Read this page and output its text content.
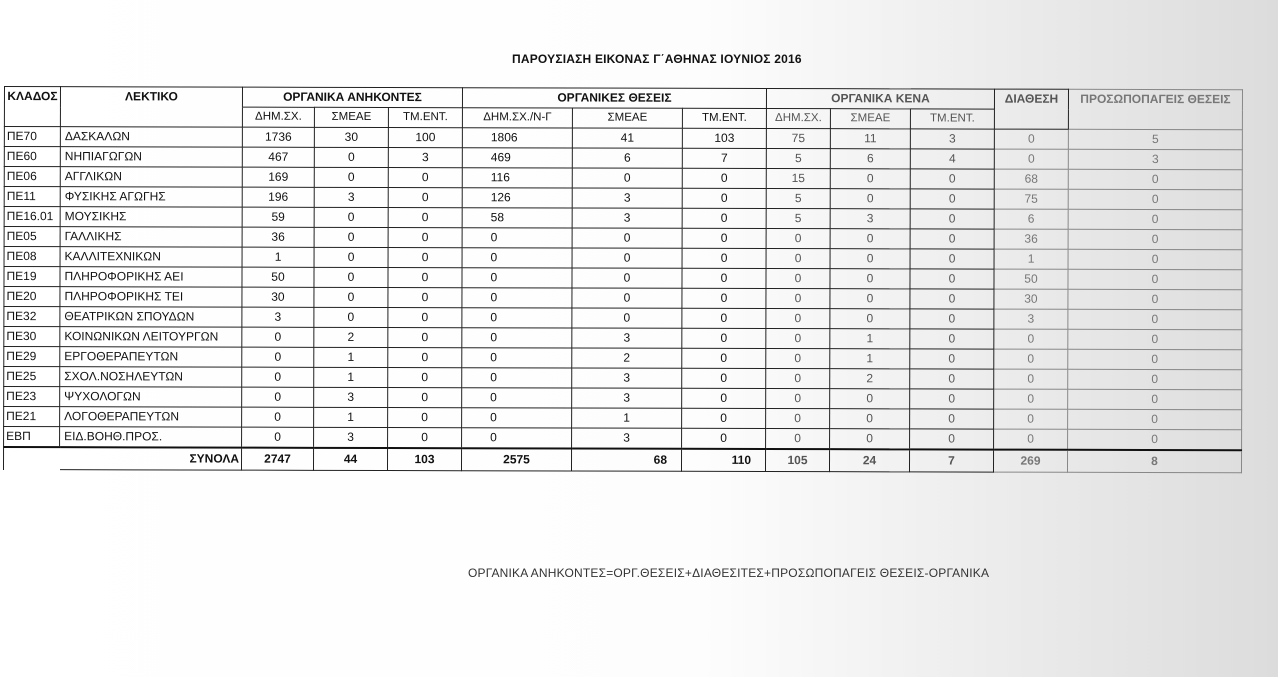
ΠΑΡΟΥΣΙΑΣΗ ΕΙΚΟΝΑΣ Γ΄ΑΘΗΝΑΣ ΙΟΥΝΙΟΣ 2016
ΚΛΑΔΟΣ	ΛΕΚΤΙΚΟ	ΟΡΓΑΝΙΚΑ ΑΝΗΚΟΝΤΕΣ			ΟΡΓΑΝΙΚΕΣ ΘΕΣΕΙΣ			ΟΡΓΑΝΙΚΑ ΚΕΝΑ			ΔΙΑΘΕΣΗ	ΠΡΟΣΩΠΟΠΑΓΕΙΣ ΘΕΣΕΙΣ
		ΔΗΜ.ΣΧ.	ΣΜΕΑΕ	ΤΜ.ΕΝΤ.	ΔΗΜ.ΣΧ./Ν-Γ	ΣΜΕΑΕ	ΤΜ.ΕΝΤ.	ΔΗΜ.ΣΧ.	ΣΜΕΑΕ	ΤΜ.ΕΝΤ.		
ΠΕ70	ΔΑΣΚΑΛΩΝ	1736	30	100	1806	41	103	75	11	3	0	5
ΠΕ60	ΝΗΠΙΑΓΩΓΩΝ	467	0	3	469	6	7	5	6	4	0	3
ΠΕ06	ΑΓΓΛΙΚΩΝ	169	0	0	116	0	0	15	0	0	68	0
ΠΕ11	ΦΥΣΙΚΗΣ ΑΓΩΓΗΣ	196	3	0	126	3	0	5	0	0	75	0
ΠΕ16.01	ΜΟΥΣΙΚΗΣ	59	0	0	58	3	0	5	3	0	6	0
ΠΕ05	ΓΑΛΛΙΚΗΣ	36	0	0	0	0	0	0	0	0	36	0
ΠΕ08	ΚΑΛΛΙΤΕΧΝΙΚΩΝ	1	0	0	0	0	0	0	0	0	1	0
ΠΕ19	ΠΛΗΡΟΦΟΡΙΚΗΣ ΑΕΙ	50	0	0	0	0	0	0	0	0	50	0
ΠΕ20	ΠΛΗΡΟΦΟΡΙΚΗΣ ΤΕΙ	30	0	0	0	0	0	0	0	0	30	0
ΠΕ32	ΘΕΑΤΡΙΚΩΝ ΣΠΟΥΔΩΝ	3	0	0	0	0	0	0	0	0	3	0
ΠΕ30	ΚΟΙΝΩΝΙΚΩΝ ΛΕΙΤΟΥΡΓΩΝ	0	2	0	0	3	0	0	1	0	0	0
ΠΕ29	ΕΡΓΟΘΕΡΑΠΕΥΤΩΝ	0	1	0	0	2	0	0	1	0	0	0
ΠΕ25	ΣΧΟΛ.ΝΟΣΗΛΕΥΤΩΝ	0	1	0	0	3	0	0	2	0	0	0
ΠΕ23	ΨΥΧΟΛΟΓΩΝ	0	3	0	0	3	0	0	0	0	0	0
ΠΕ21	ΛΟΓΟΘΕΡΑΠΕΥΤΩΝ	0	1	0	0	1	0	0	0	0	0	0
ΕΒΠ	ΕΙΔ.ΒΟΗΘ.ΠΡΟΣ.	0	3	0	0	3	0	0	0	0	0	0
	ΣΥΝΟΛΑ	2747	44	103	2575	68	110	105	24	7	269	8
ΟΡΓΑΝΙΚΑ ΑΝΗΚΟΝΤΕΣ=ΟΡΓ.ΘΕΣΕΙΣ+ΔΙΑΘΕΣΙΤΕΣ+ΠΡΟΣΩΠΟΠΑΓΕΙΣ ΘΕΣΕΙΣ-ΟΡΓΑΝΙΚΑ
